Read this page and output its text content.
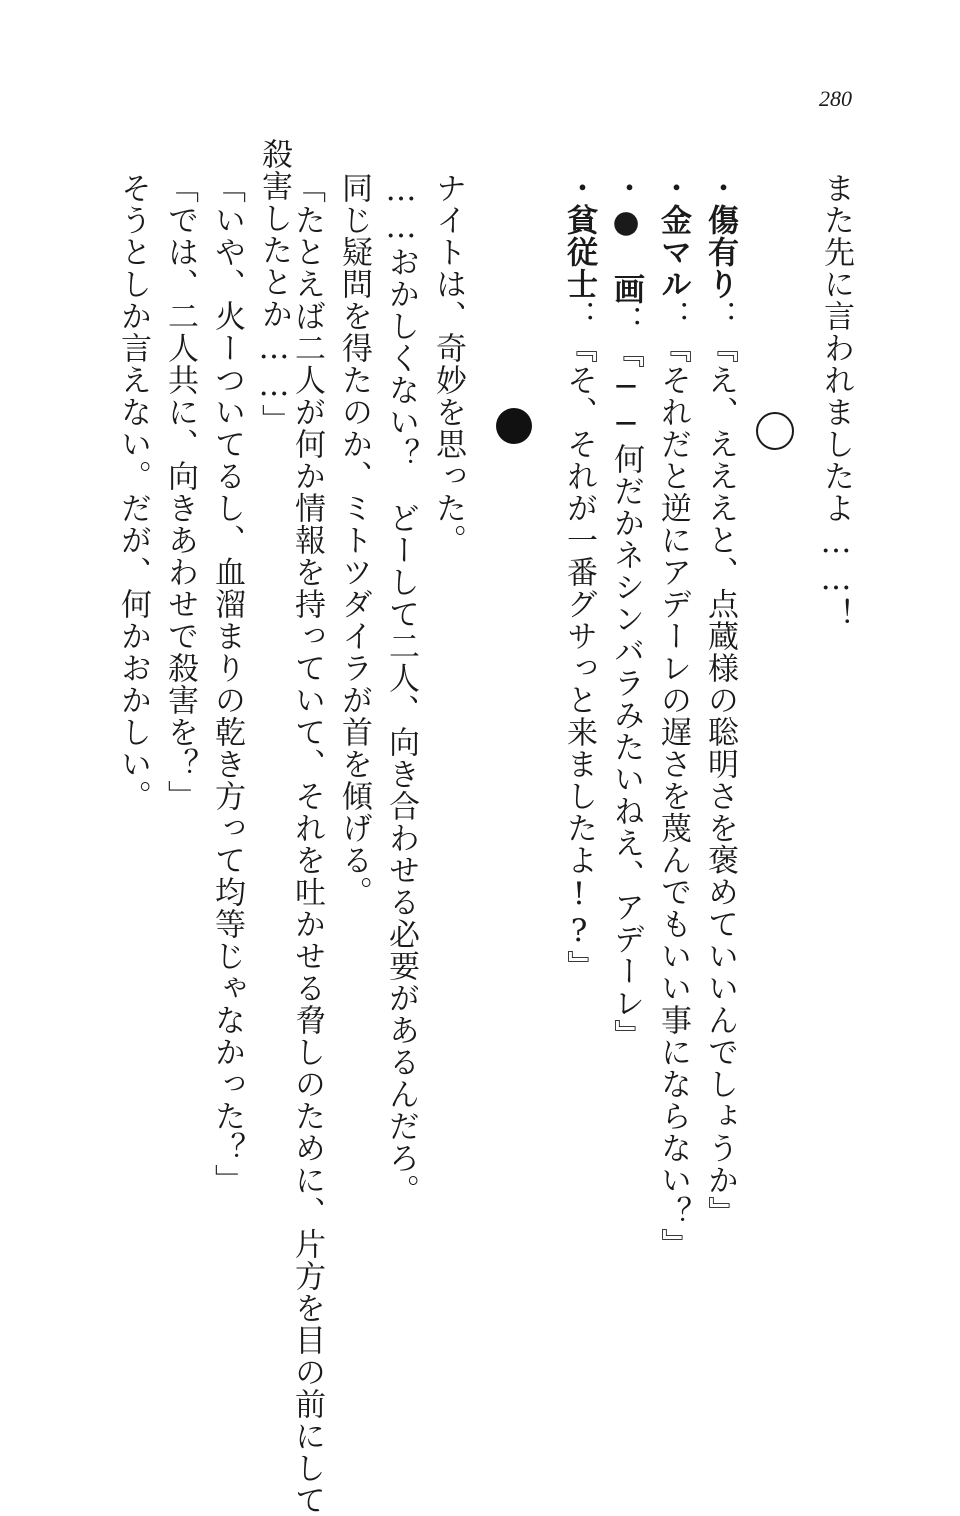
280
また先に言われましたよ……！
・傷有り：『え、えええと、点蔵様の聡明さを褒めていいんでしょうか』
・金マル：『それだと逆にアデーレの遅さを蔑んでもいい事にならない？』
・●　画：『──何だかネシンバラみたいねえ、アデーレ』
・貧従士：『そ、それが一番グサっと来ましたよ!?』
ナイトは、奇妙を思った。
……おかしくない？　どーして二人、向き合わせる必要があるんだろ。
同じ疑問を得たのか、ミトツダイラが首を傾げる。
「たとえば二人が何か情報を持っていて、それを吐かせる脅しのために、片方を目の前にして
殺害したとか……」
「いや、火ーついてるし、血溜まりの乾き方って均等じゃなかった？」
「では、二人共に、向きあわせで殺害を？」
そうとしか言えない。だが、何かおかしい。
